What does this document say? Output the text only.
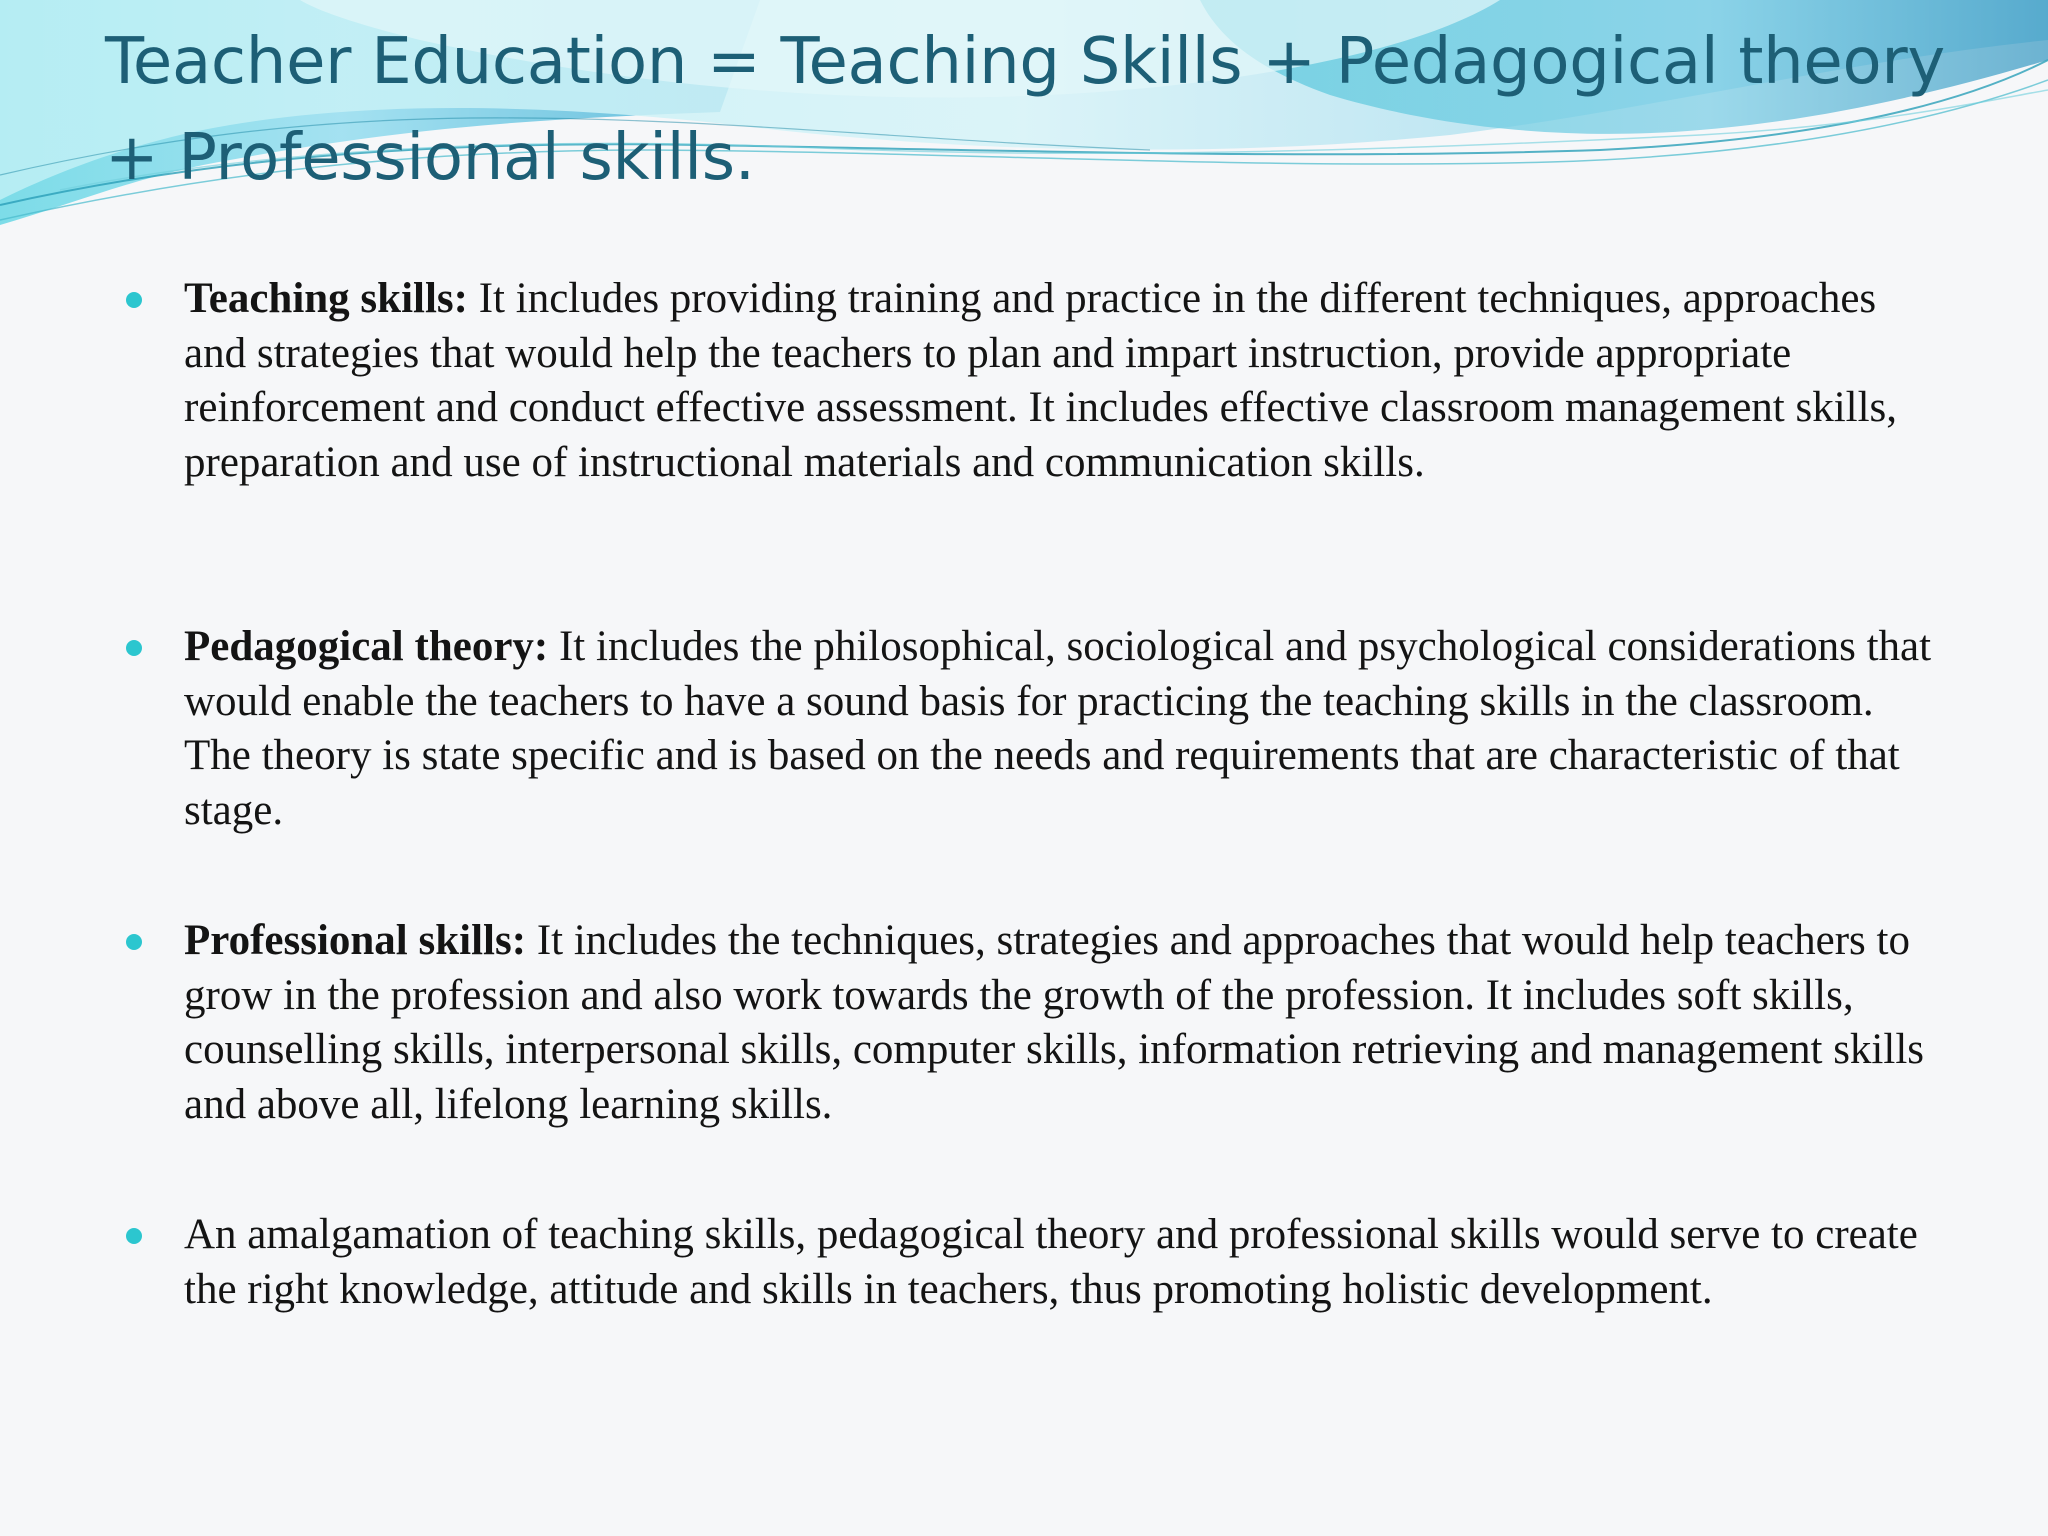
Teacher Education = Teaching Skills + Pedagogical theory + Professional skills.
Teaching skills: It includes providing training and practice in the different techniques, approaches and strategies that would help the teachers to plan and impart instruction, provide appropriate reinforcement and conduct effective assessment. It includes effective classroom management skills, preparation and use of instructional materials and communication skills.
Pedagogical theory: It includes the philosophical, sociological and psychological considerations that would enable the teachers to have a sound basis for practicing the teaching skills in the classroom. The theory is state specific and is based on the needs and requirements that are characteristic of that stage.
Professional skills: It includes the techniques, strategies and approaches that would help teachers to grow in the profession and also work towards the growth of the profession. It includes soft skills, counselling skills, interpersonal skills, computer skills, information retrieving and management skills and above all, lifelong learning skills.
An amalgamation of teaching skills, pedagogical theory and professional skills would serve to create the right knowledge, attitude and skills in teachers, thus promoting holistic development.
